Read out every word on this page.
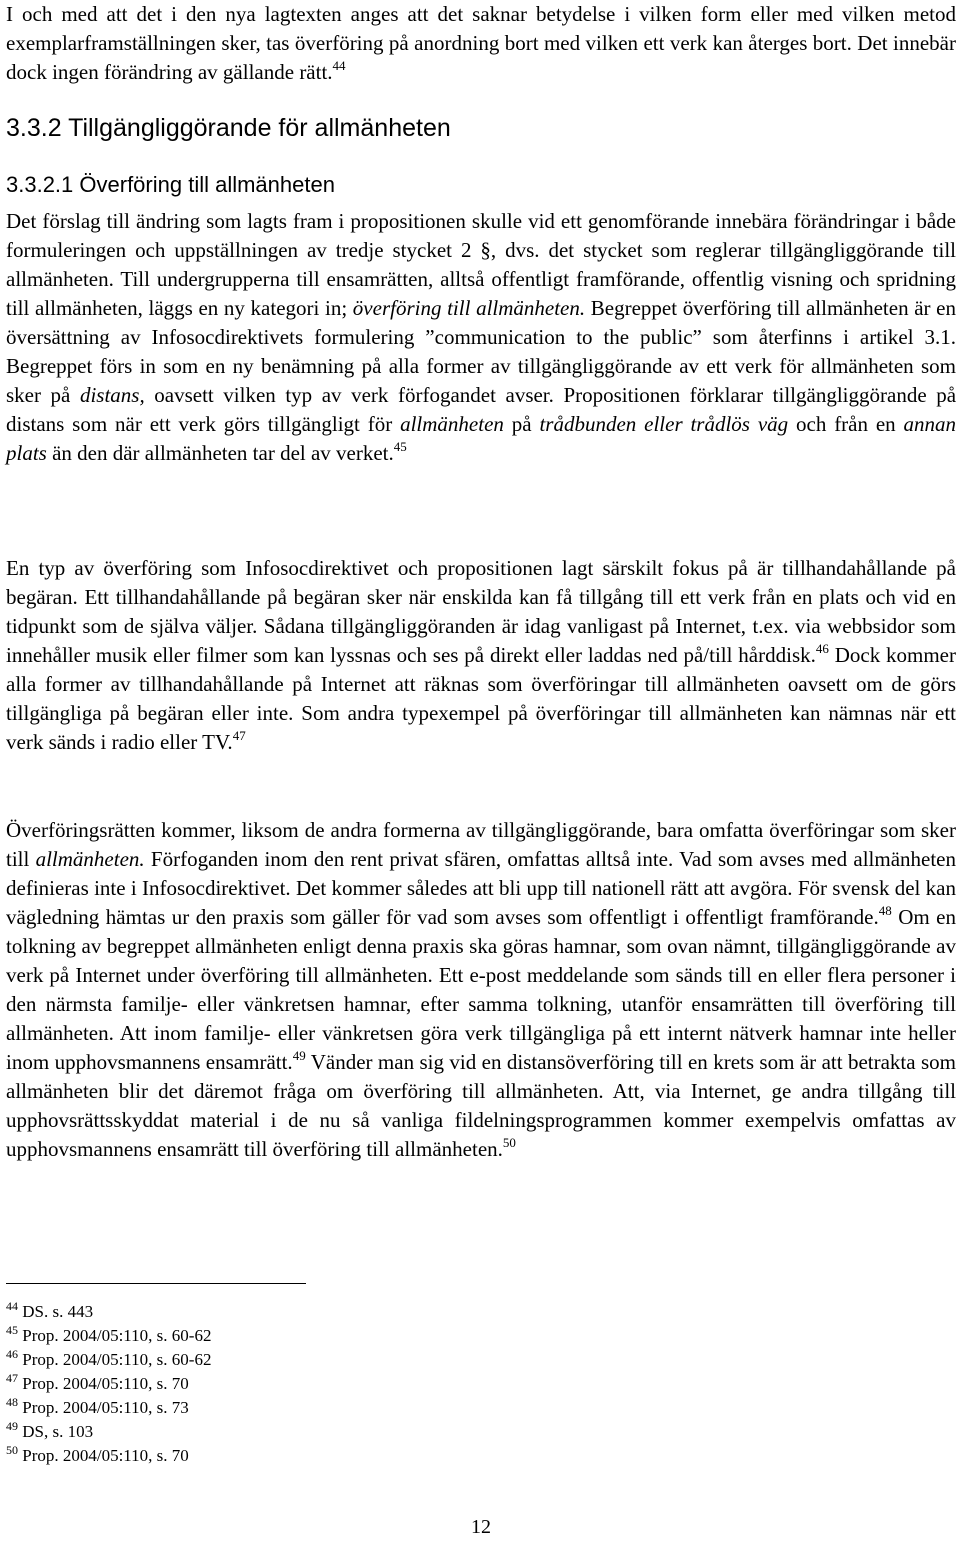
I och med att det i den nya lagtexten anges att det saknar betydelse i vilken form eller med vilken metod exemplarframställningen sker, tas överföring på anordning bort med vilken ett verk kan återges bort. Det innebär dock ingen förändring av gällande rätt.$^{44}$

3.3.2 Tillgängliggörande för allmänheten
3.3.2.1 Överföring till allmänheten

Det förslag till ändring som lagts fram i propositionen skulle vid ett genomförande innebära förändringar i både formuleringen och uppställningen av tredje stycket 2 §, dvs. det stycket som reglerar tillgängliggörande till allmänheten. Till undergrupperna till ensamrätten, alltså offentligt framförande, offentlig visning och spridning till allmänheten, läggs en ny kategori in; överföring till allmänheten. Begreppet överföring till allmänheten är en översättning av Infosocdirektivets formulering ”communication to the public” som återfinns i artikel 3.1. Begreppet förs in som en ny benämning på alla former av tillgängliggörande av ett verk för allmänheten som sker på distans, oavsett vilken typ av verk förfogandet avser. Propositionen förklarar tillgängliggörande på distans som när ett verk görs tillgängligt för allmänheten på trådbunden eller trådlös väg och från en annan plats än den där allmänheten tar del av verket.$^{45}$

En typ av överföring som Infosocdirektivet och propositionen lagt särskilt fokus på är tillhandahållande på begäran. Ett tillhandahållande på begäran sker när enskilda kan få tillgång till ett verk från en plats och vid en tidpunkt som de själva väljer. Sådana tillgängliggöranden är idag vanligast på Internet, t.ex. via webbsidor som innehåller musik eller filmer som kan lyssnas och ses på direkt eller laddas ned på/till hårddisk.$^{46}$ Dock kommer alla former av tillhandahållande på Internet att räknas som överföringar till allmänheten oavsett om de görs tillgängliga på begäran eller inte. Som andra typexempel på överföringar till allmänheten kan nämnas när ett verk sänds i radio eller TV.$^{47}$

Överföringsrätten kommer, liksom de andra formerna av tillgängliggörande, bara omfatta överföringar som sker till allmänheten. Förfoganden inom den rent privat sfären, omfattas alltså inte. Vad som avses med allmänheten definieras inte i Infosocdirektivet. Det kommer således att bli upp till nationell rätt att avgöra. För svensk del kan vägledning hämtas ur den praxis som gäller för vad som avses som offentligt i offentligt framförande.$^{48}$ Om en tolkning av begreppet allmänheten enligt denna praxis ska göras hamnar, som ovan nämnt, tillgängliggörande av verk på Internet under överföring till allmänheten. Ett e-post meddelande som sänds till en eller flera personer i den närmsta familje- eller vänkretsen hamnar, efter samma tolkning, utanför ensamrätten till överföring till allmänheten. Att inom familje- eller vänkretsen göra verk tillgängliga på ett internt nätverk hamnar inte heller inom upphovsmannens ensamrätt.$^{49}$ Vänder man sig vid en distansöverföring till en krets som är att betrakta som allmänheten blir det däremot fråga om överföring till allmänheten. Att, via Internet, ge andra tillgång till upphovsrättsskyddat material i de nu så vanliga fildelningsprogrammen kommer exempelvis omfattas av upphovsmannens ensamrätt till överföring till allmänheten.$^{50}$

$^{44}$ DS. s. 443
$^{45}$ Prop. 2004/05:110, s. 60-62
$^{46}$ Prop. 2004/05:110, s. 60-62
$^{47}$ Prop. 2004/05:110, s. 70
$^{48}$ Prop. 2004/05:110, s. 73
$^{49}$ DS, s. 103
$^{50}$ Prop. 2004/05:110, s. 70
12
